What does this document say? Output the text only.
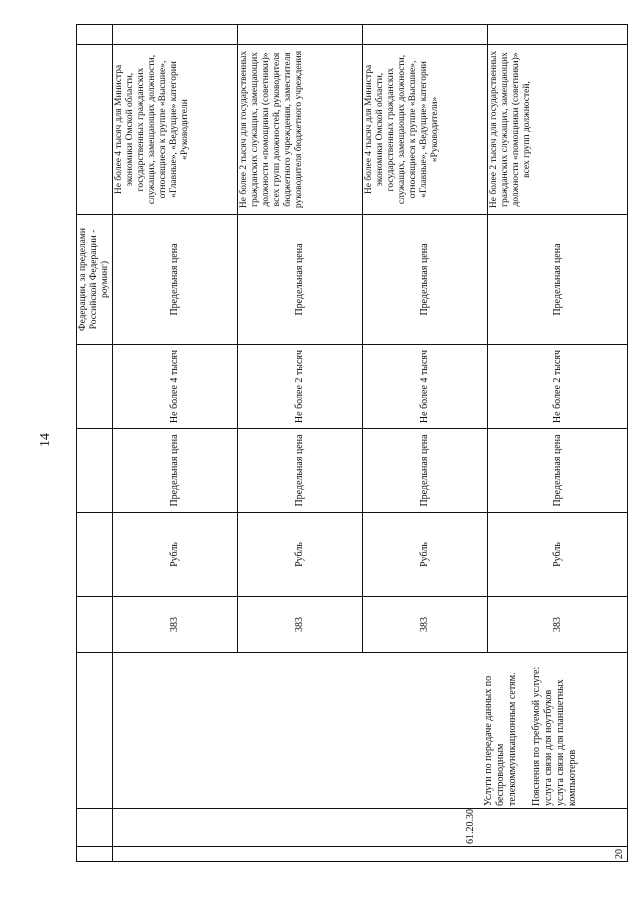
14
							Федерации, за пределами Российской Федерации - роуминг)		
20	61.20.30	Услуги по передаче данных по беспроводным телекоммуникационным сетям. Пояснения по требуемой услуге: услуга связи для ноутбуков услуга связи для планшетных компьютеров	383	Рубль	Предельная цена	Не более 4 тысяч	Предельная цена	Не более 4 тысяч для Министра экономики Омской области, государственных гражданских служащих, замещающих должности, относящиеся к группе «Высшие», «Главные», «Ведущие» категории «Руководители	
			383	Рубль	Предельная цена	Не более 2 тысяч	Предельная цена	Не более 2 тысяч для государственных гражданских служащих, замещающих должности «помощники (советники)» всех групп должностей, руководителя бюджетного учреждения, заместителя руководителя бюджетного учреждения	
			383	Рубль	Предельная цена	Не более 4 тысяч	Предельная цена	Не более 4 тысяч для Министра экономики Омской области, государственных гражданских служащих, замещающих должности, относящиеся к группе «Высшие», «Главные», «Ведущие» категории «Руководители»	
			383	Рубль	Предельная цена	Не более 2 тысяч	Предельная цена	Не более 2 тысяч для государственных гражданских служащих, замещающих должности «помощники (советники)» всех групп должностей,	
